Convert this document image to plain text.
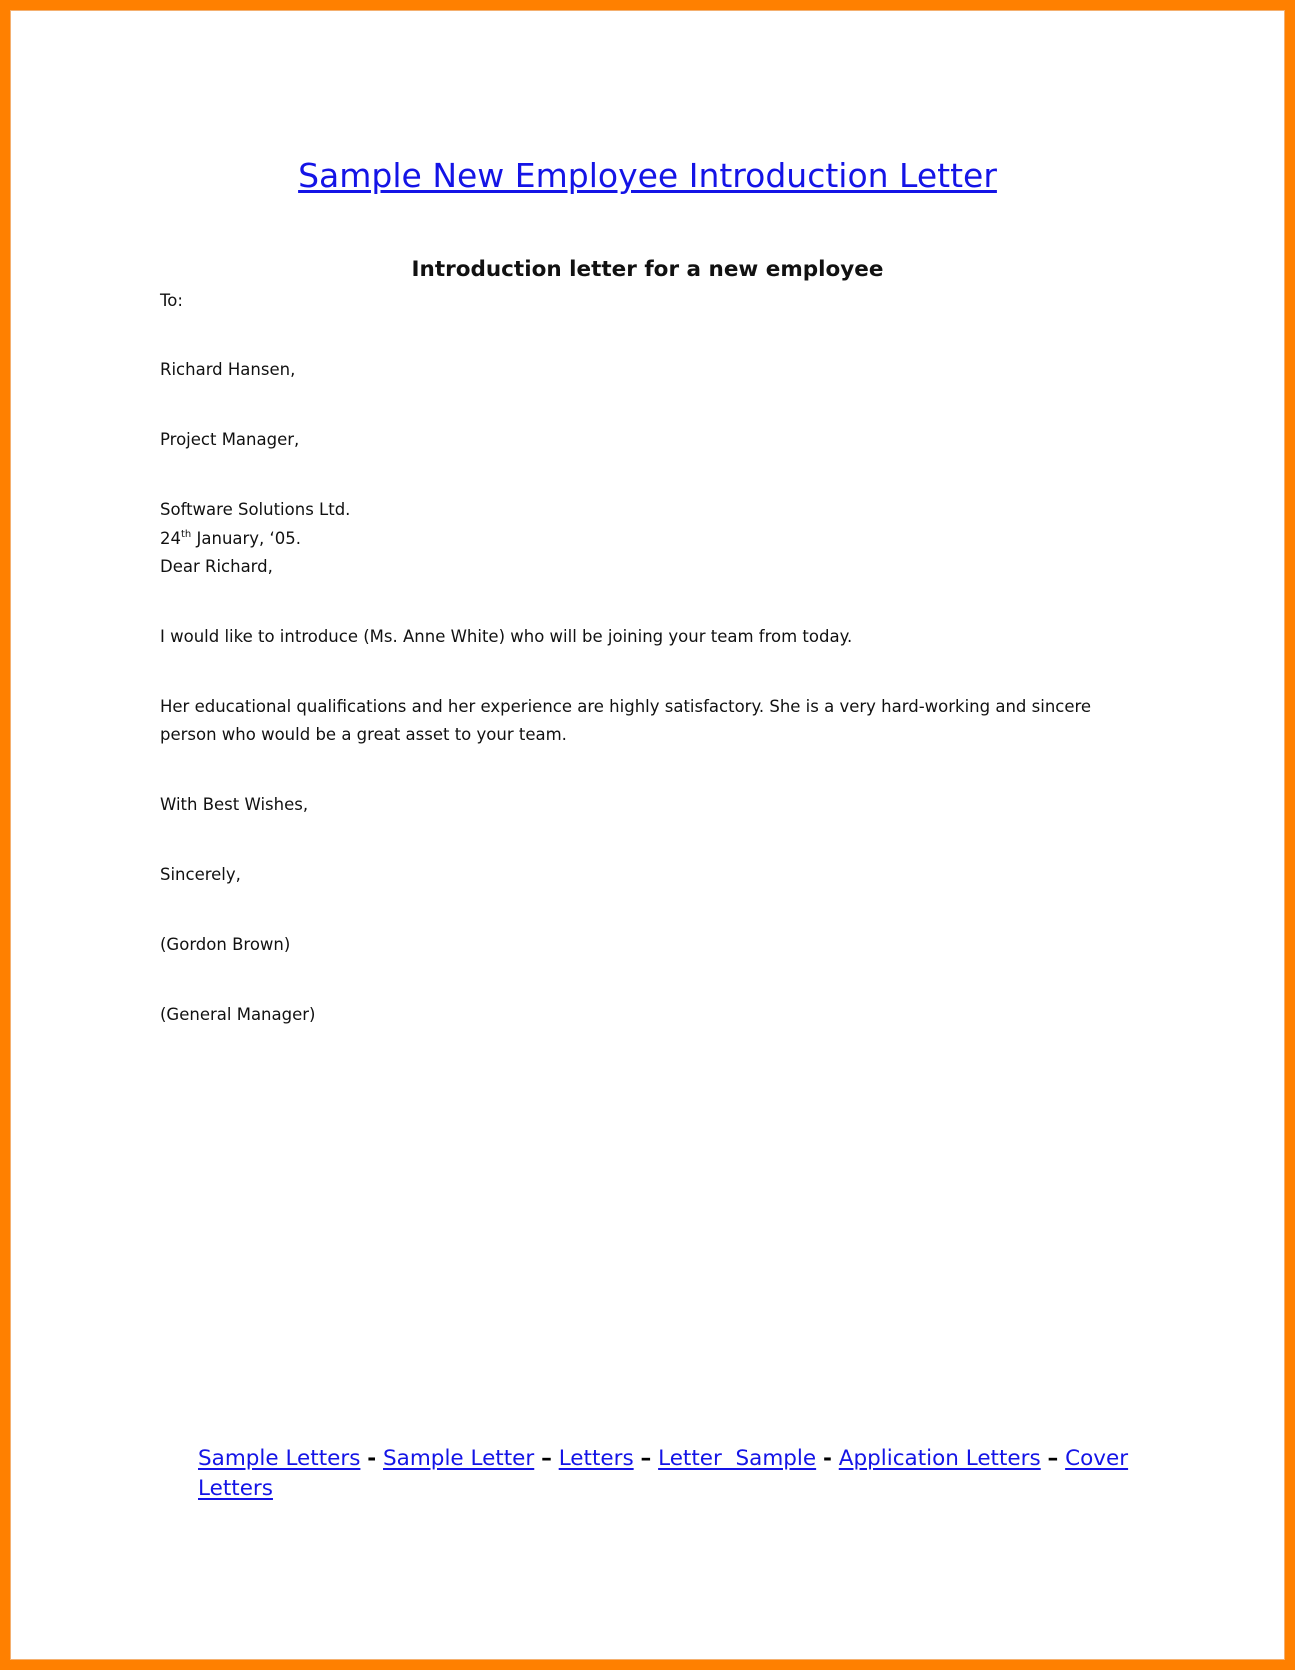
Sample New Employee Introduction Letter
Introduction letter for a new employee
To:
Richard Hansen,
Project Manager,
Software Solutions Ltd.
24th January, ‘05.
Dear Richard,
I would like to introduce (Ms. Anne White) who will be joining your team from today.
Her educational qualifications and her experience are highly satisfactory. She is a very hard-working and sincere
person who would be a great asset to your team.
With Best Wishes,
Sincerely,
(Gordon Brown)
(General Manager)
Sample Letters - Sample Letter – Letters – Letter  Sample - Application Letters – Cover Letters
